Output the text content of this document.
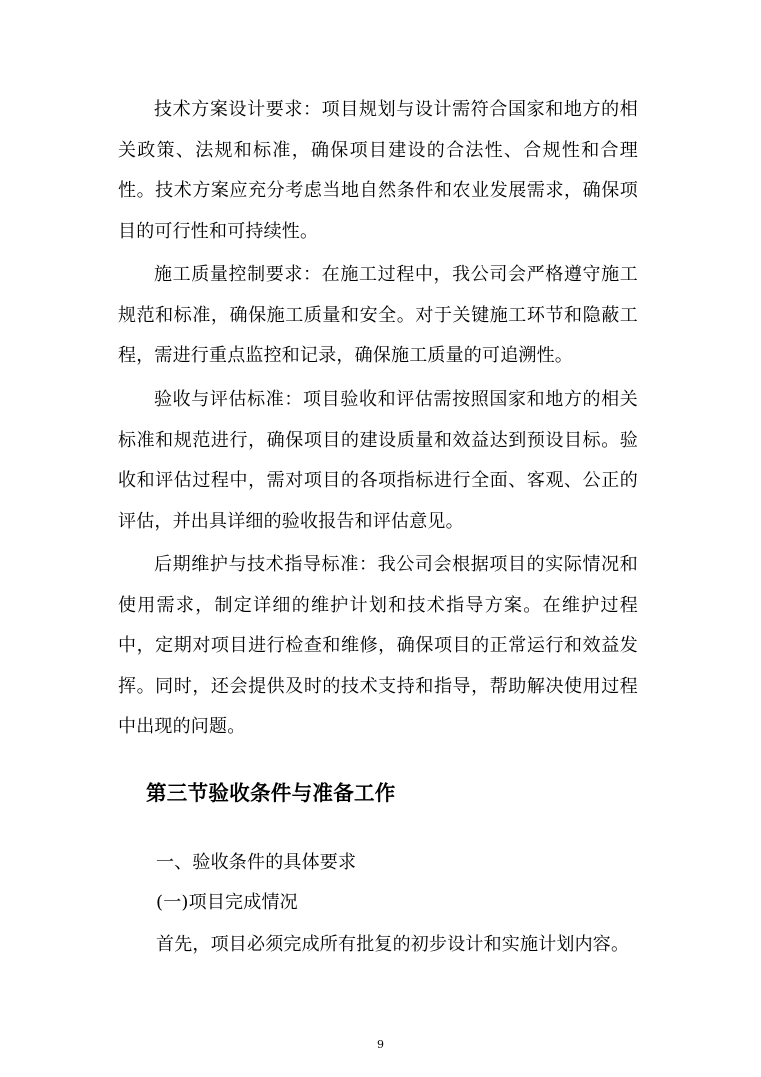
技术方案设计要求：项目规划与设计需符合国家和地方的相关政策、法规和标准，确保项目建设的合法性、合规性和合理性。技术方案应充分考虑当地自然条件和农业发展需求，确保项目的可行性和可持续性。

施工质量控制要求：在施工过程中，我公司会严格遵守施工规范和标准，确保施工质量和安全。对于关键施工环节和隐蔽工程，需进行重点监控和记录，确保施工质量的可追溯性。

验收与评估标准：项目验收和评估需按照国家和地方的相关标准和规范进行，确保项目的建设质量和效益达到预设目标。验收和评估过程中，需对项目的各项指标进行全面、客观、公正的评估，并出具详细的验收报告和评估意见。

后期维护与技术指导标准：我公司会根据项目的实际情况和使用需求，制定详细的维护计划和技术指导方案。在维护过程中，定期对项目进行检查和维修，确保项目的正常运行和效益发挥。同时，还会提供及时的技术支持和指导，帮助解决使用过程中出现的问题。

第三节验收条件与准备工作

一、验收条件的具体要求

(一)项目完成情况

首先，项目必须完成所有批复的初步设计和实施计划内容。

9
